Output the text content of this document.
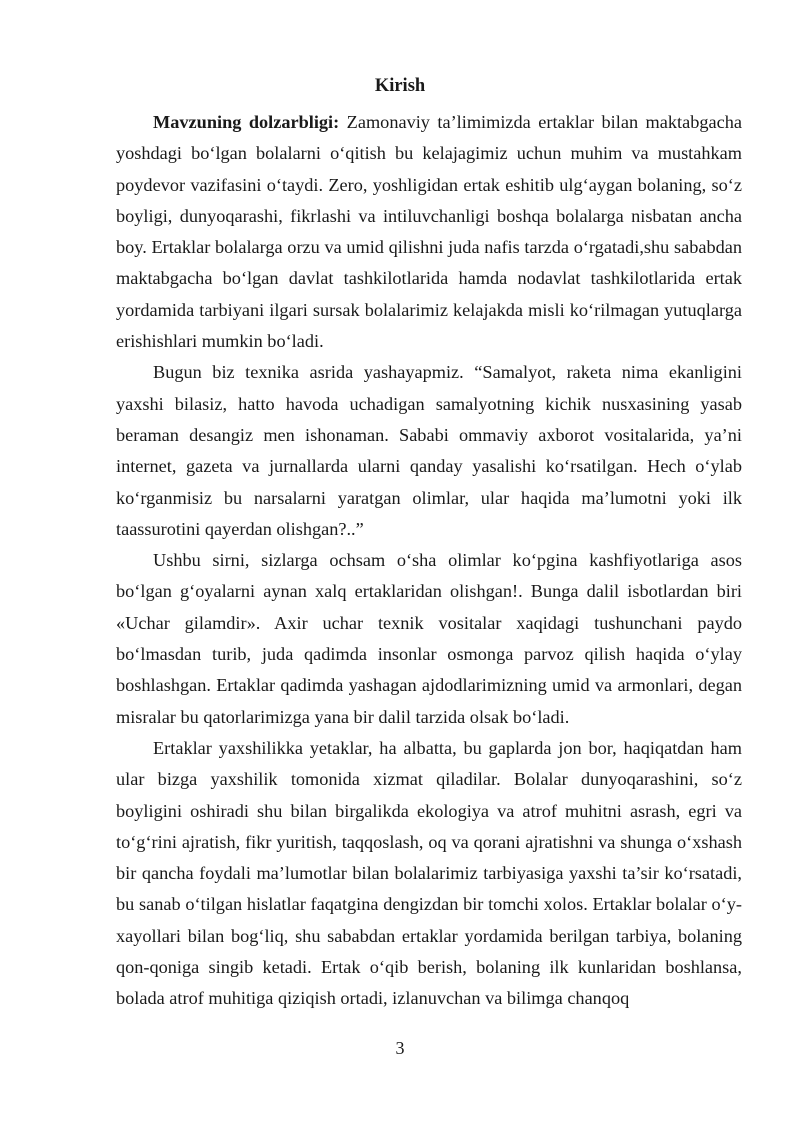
Kirish

Mavzuning dolzarbligi: Zamonaviy ta’limimizda ertaklar bilan maktabgacha yoshdagi bo‘lgan bolalarni o‘qitish bu kelajagimiz uchun muhim va mustahkam poydevor vazifasini o‘taydi. Zero, yoshligidan ertak eshitib ulg‘aygan bolaning, so‘z boyligi, dunyoqarashi, fikrlashi va intiluvchanligi boshqa bolalarga nisbatan ancha boy. Ertaklar bolalarga orzu va umid qilishni juda nafis tarzda o‘rgatadi,shu sababdan maktabgacha bo‘lgan davlat tashkilotlarida hamda nodavlat tashkilotlarida ertak yordamida tarbiyani ilgari sursak bolalarimiz kelajakda misli ko‘rilmagan yutuqlarga erishishlari mumkin bo‘ladi.

Bugun biz texnika asrida yashayapmiz. “Samalyot, raketa nima ekanligini yaxshi bilasiz, hatto havoda uchadigan samalyotning kichik nusxasining yasab beraman desangiz men ishonaman. Sababi ommaviy axborot vositalarida, ya’ni internet, gazeta va jurnallarda ularni qanday yasalishi ko‘rsatilgan. Hech o‘ylab ko‘rganmisiz bu narsalarni yaratgan olimlar, ular haqida ma’lumotni yoki ilk taassurotini qayerdan olishgan?..”

Ushbu sirni, sizlarga ochsam o‘sha olimlar ko‘pgina kashfiyotlariga asos bo‘lgan g‘oyalarni aynan xalq ertaklaridan olishgan!. Bunga dalil isbotlardan biri «Uchar gilamdir». Axir uchar texnik vositalar xaqidagi tushunchani paydo bo‘lmasdan turib, juda qadimda insonlar osmonga parvoz qilish haqida o‘ylay boshlashgan. Ertaklar qadimda yashagan ajdodlarimizning umid va armonlari, degan misralar bu qatorlarimizga yana bir dalil tarzida olsak bo‘ladi.

Ertaklar yaxshilikka yetaklar, ha albatta, bu gaplarda jon bor, haqiqatdan ham ular bizga yaxshilik tomonida xizmat qiladilar. Bolalar dunyoqarashini, so‘z boyligini oshiradi shu bilan birgalikda ekologiya va atrof muhitni asrash, egri va to‘g‘rini ajratish, fikr yuritish, taqqoslash, oq va qorani ajratishni va shunga o‘xshash bir qancha foydali ma’lumotlar bilan bolalarimiz tarbiyasiga yaxshi ta’sir ko‘rsatadi, bu sanab o‘tilgan hislatlar faqatgina dengizdan bir tomchi xolos. Ertaklar bolalar o‘y-xayollari bilan bog‘liq, shu sababdan ertaklar yordamida berilgan tarbiya, bolaning qon-qoniga singib ketadi. Ertak o‘qib berish, bolaning ilk kunlaridan boshlansa, bolada atrof muhitiga qiziqish ortadi, izlanuvchan va bilimga chanqoq

3
